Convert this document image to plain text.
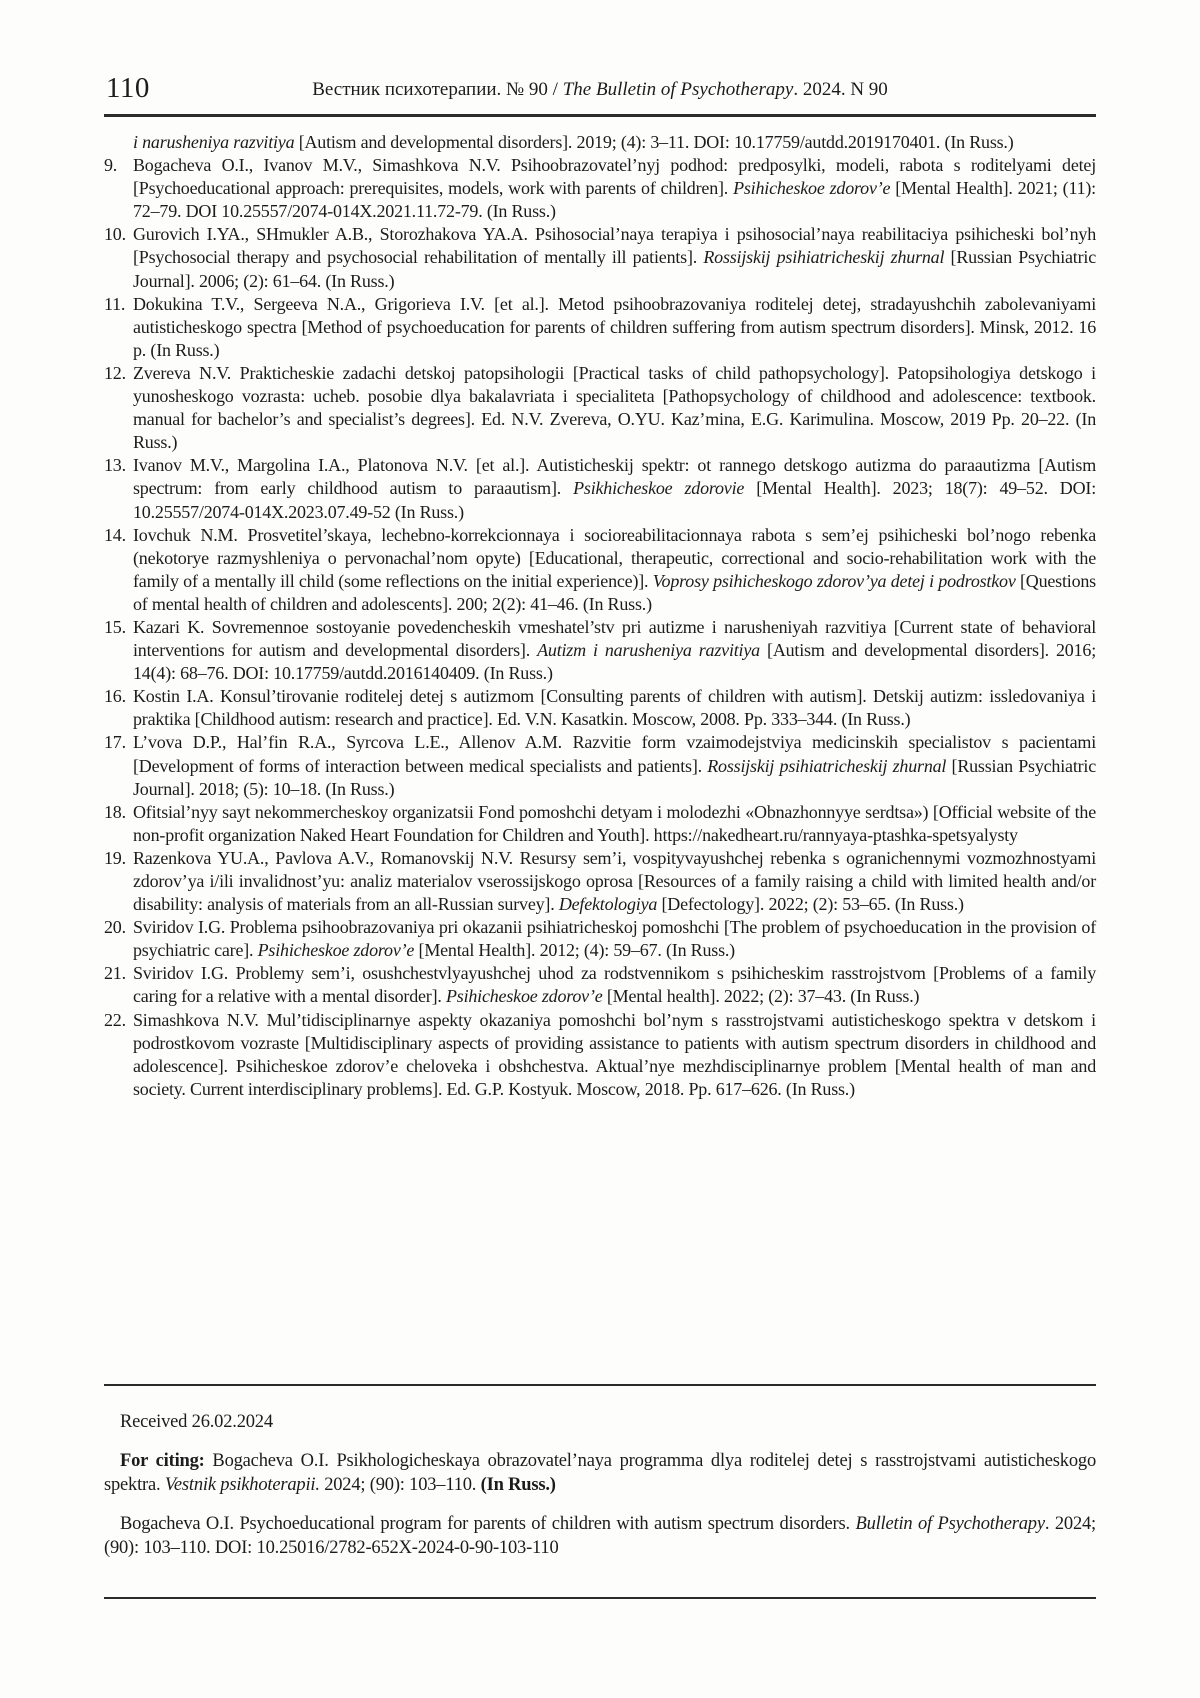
110	Вестник психотерапии. № 90 / The Bulletin of Psychotherapy. 2024. N 90
i narusheniya razvitiya [Autism and developmental disorders]. 2019; (4): 3–11. DOI: 10.17759/autdd.2019170401. (In Russ.)
9. Bogacheva O.I., Ivanov M.V., Simashkova N.V. Psihoobrazovatel’nyj podhod: predposylki, modeli, rabota s roditelyami detej [Psychoeducational approach: prerequisites, models, work with parents of children]. Psihicheskoe zdorov’e [Mental Health]. 2021; (11): 72–79. DOI 10.25557/2074-014X.2021.11.72-79. (In Russ.)
10. Gurovich I.YA., SHmukler A.B., Storozhakova YA.A. Psihosocial’naya terapiya i psihosocial’naya reabilitaciya psihicheski bol’nyh [Psychosocial therapy and psychosocial rehabilitation of mentally ill patients]. Rossijskij psihiatricheskij zhurnal [Russian Psychiatric Journal]. 2006; (2): 61–64. (In Russ.)
11. Dokukina T.V., Sergeeva N.A., Grigorieva I.V. [et al.]. Metod psihoobrazovaniya roditelej detej, stradayushchih zabolevaniyami autisticheskogo spectra [Method of psychoeducation for parents of children suffering from autism spectrum disorders]. Minsk, 2012. 16 p. (In Russ.)
12. Zvereva N.V. Prakticheskie zadachi detskoj patopsihologii [Practical tasks of child pathopsychology]. Patopsihologiya detskogo i yunosheskogo vozrasta: ucheb. posobie dlya bakalavriata i specialiteta [Pathopsychology of childhood and adolescence: textbook. manual for bachelor’s and specialist’s degrees]. Ed. N.V. Zvereva, O.YU. Kaz’mina, E.G. Karimulina. Moscow, 2019 Pp. 20–22. (In Russ.)
13. Ivanov M.V., Margolina I.A., Platonova N.V. [et al.]. Autisticheskij spektr: ot rannego detskogo autizma do paraautizma [Autism spectrum: from early childhood autism to paraautism]. Psikhicheskoe zdorovie [Mental Health]. 2023; 18(7): 49–52. DOI: 10.25557/2074-014X.2023.07.49-52 (In Russ.)
14. Iovchuk N.M. Prosvetitel’skaya, lechebno-korrekcionnaya i socioreabilitacionnaya rabota s sem’ej psihicheski bol’nogo rebenka (nekotorye razmyshleniya o pervonachal’nom opyte) [Educational, therapeutic, correctional and socio-rehabilitation work with the family of a mentally ill child (some reflections on the initial experience)]. Voprosy psihicheskogo zdorov’ya detej i podrostkov [Questions of mental health of children and adolescents]. 200; 2(2): 41–46. (In Russ.)
15. Kazari K. Sovremennoe sostoyanie povedencheskih vmeshatel’stv pri autizme i narusheniyah razvitiya [Current state of behavioral interventions for autism and developmental disorders]. Autizm i narusheniya razvitiya [Autism and developmental disorders]. 2016; 14(4): 68–76. DOI: 10.17759/autdd.2016140409. (In Russ.)
16. Kostin I.A. Konsul’tirovanie roditelej detej s autizmom [Consulting parents of children with autism]. Detskij autizm: issledovaniya i praktika [Childhood autism: research and practice]. Ed. V.N. Kasatkin. Moscow, 2008. Pp. 333–344. (In Russ.)
17. L’vova D.P., Hal’fin R.A., Syrcova L.E., Allenov A.M. Razvitie form vzaimodejstviya medicinskih specialistov s pacientami [Development of forms of interaction between medical specialists and patients]. Rossijskij psihiatricheskij zhurnal [Russian Psychiatric Journal]. 2018; (5): 10–18. (In Russ.)
18. Ofitsial’nyy sayt nekommercheskoy organizatsii Fond pomoshchi detyam i molodezhi «Obnazhonnyye serdtsa») [Official website of the non-profit organization Naked Heart Foundation for Children and Youth]. https://nakedheart.ru/rannyaya-ptashka-spetsyalysty
19. Razenkova YU.A., Pavlova A.V., Romanovskij N.V. Resursy sem’i, vospityvayushchej rebenka s ogranichennymi vozmozhnostyami zdorov’ya i/ili invalidnost’yu: analiz materialov vserossijskogo oprosa [Resources of a family raising a child with limited health and/or disability: analysis of materials from an all-Russian survey]. Defektologiya [Defectology]. 2022; (2): 53–65. (In Russ.)
20. Sviridov I.G. Problema psihoobrazovaniya pri okazanii psihiatricheskoj pomoshchi [The problem of psychoeducation in the provision of psychiatric care]. Psihicheskoe zdorov’e [Mental Health]. 2012; (4): 59–67. (In Russ.)
21. Sviridov I.G. Problemy sem’i, osushchestvlyayushchej uhod za rodstvennikom s psihicheskim rasstrojstvom [Problems of a family caring for a relative with a mental disorder]. Psihicheskoe zdorov’e [Mental health]. 2022; (2): 37–43. (In Russ.)
22. Simashkova N.V. Mul’tidisciplinarnye aspekty okazaniya pomoshchi bol’nym s rasstrojstvami autisticheskogo spektra v detskom i podrostkovom vozraste [Multidisciplinary aspects of providing assistance to patients with autism spectrum disorders in childhood and adolescence]. Psihicheskoe zdorov’e cheloveka i obshchestva. Aktual’nye mezhdisciplinarnye problem [Mental health of man and society. Current interdisciplinary problems]. Ed. G.P. Kostyuk. Moscow, 2018. Pp. 617–626. (In Russ.)

Received 26.02.2024

For citing: Bogacheva O.I. Psikhologicheskaya obrazovatel’naya programma dlya roditelej detej s rasstrojstvami autisticheskogo spektra. Vestnik psikhoterapii. 2024; (90): 103–110. (In Russ.)

Bogacheva O.I. Psychoeducational program for parents of children with autism spectrum disorders. Bulletin of Psychotherapy. 2024; (90): 103–110. DOI: 10.25016/2782-652X-2024-0-90-103-110
